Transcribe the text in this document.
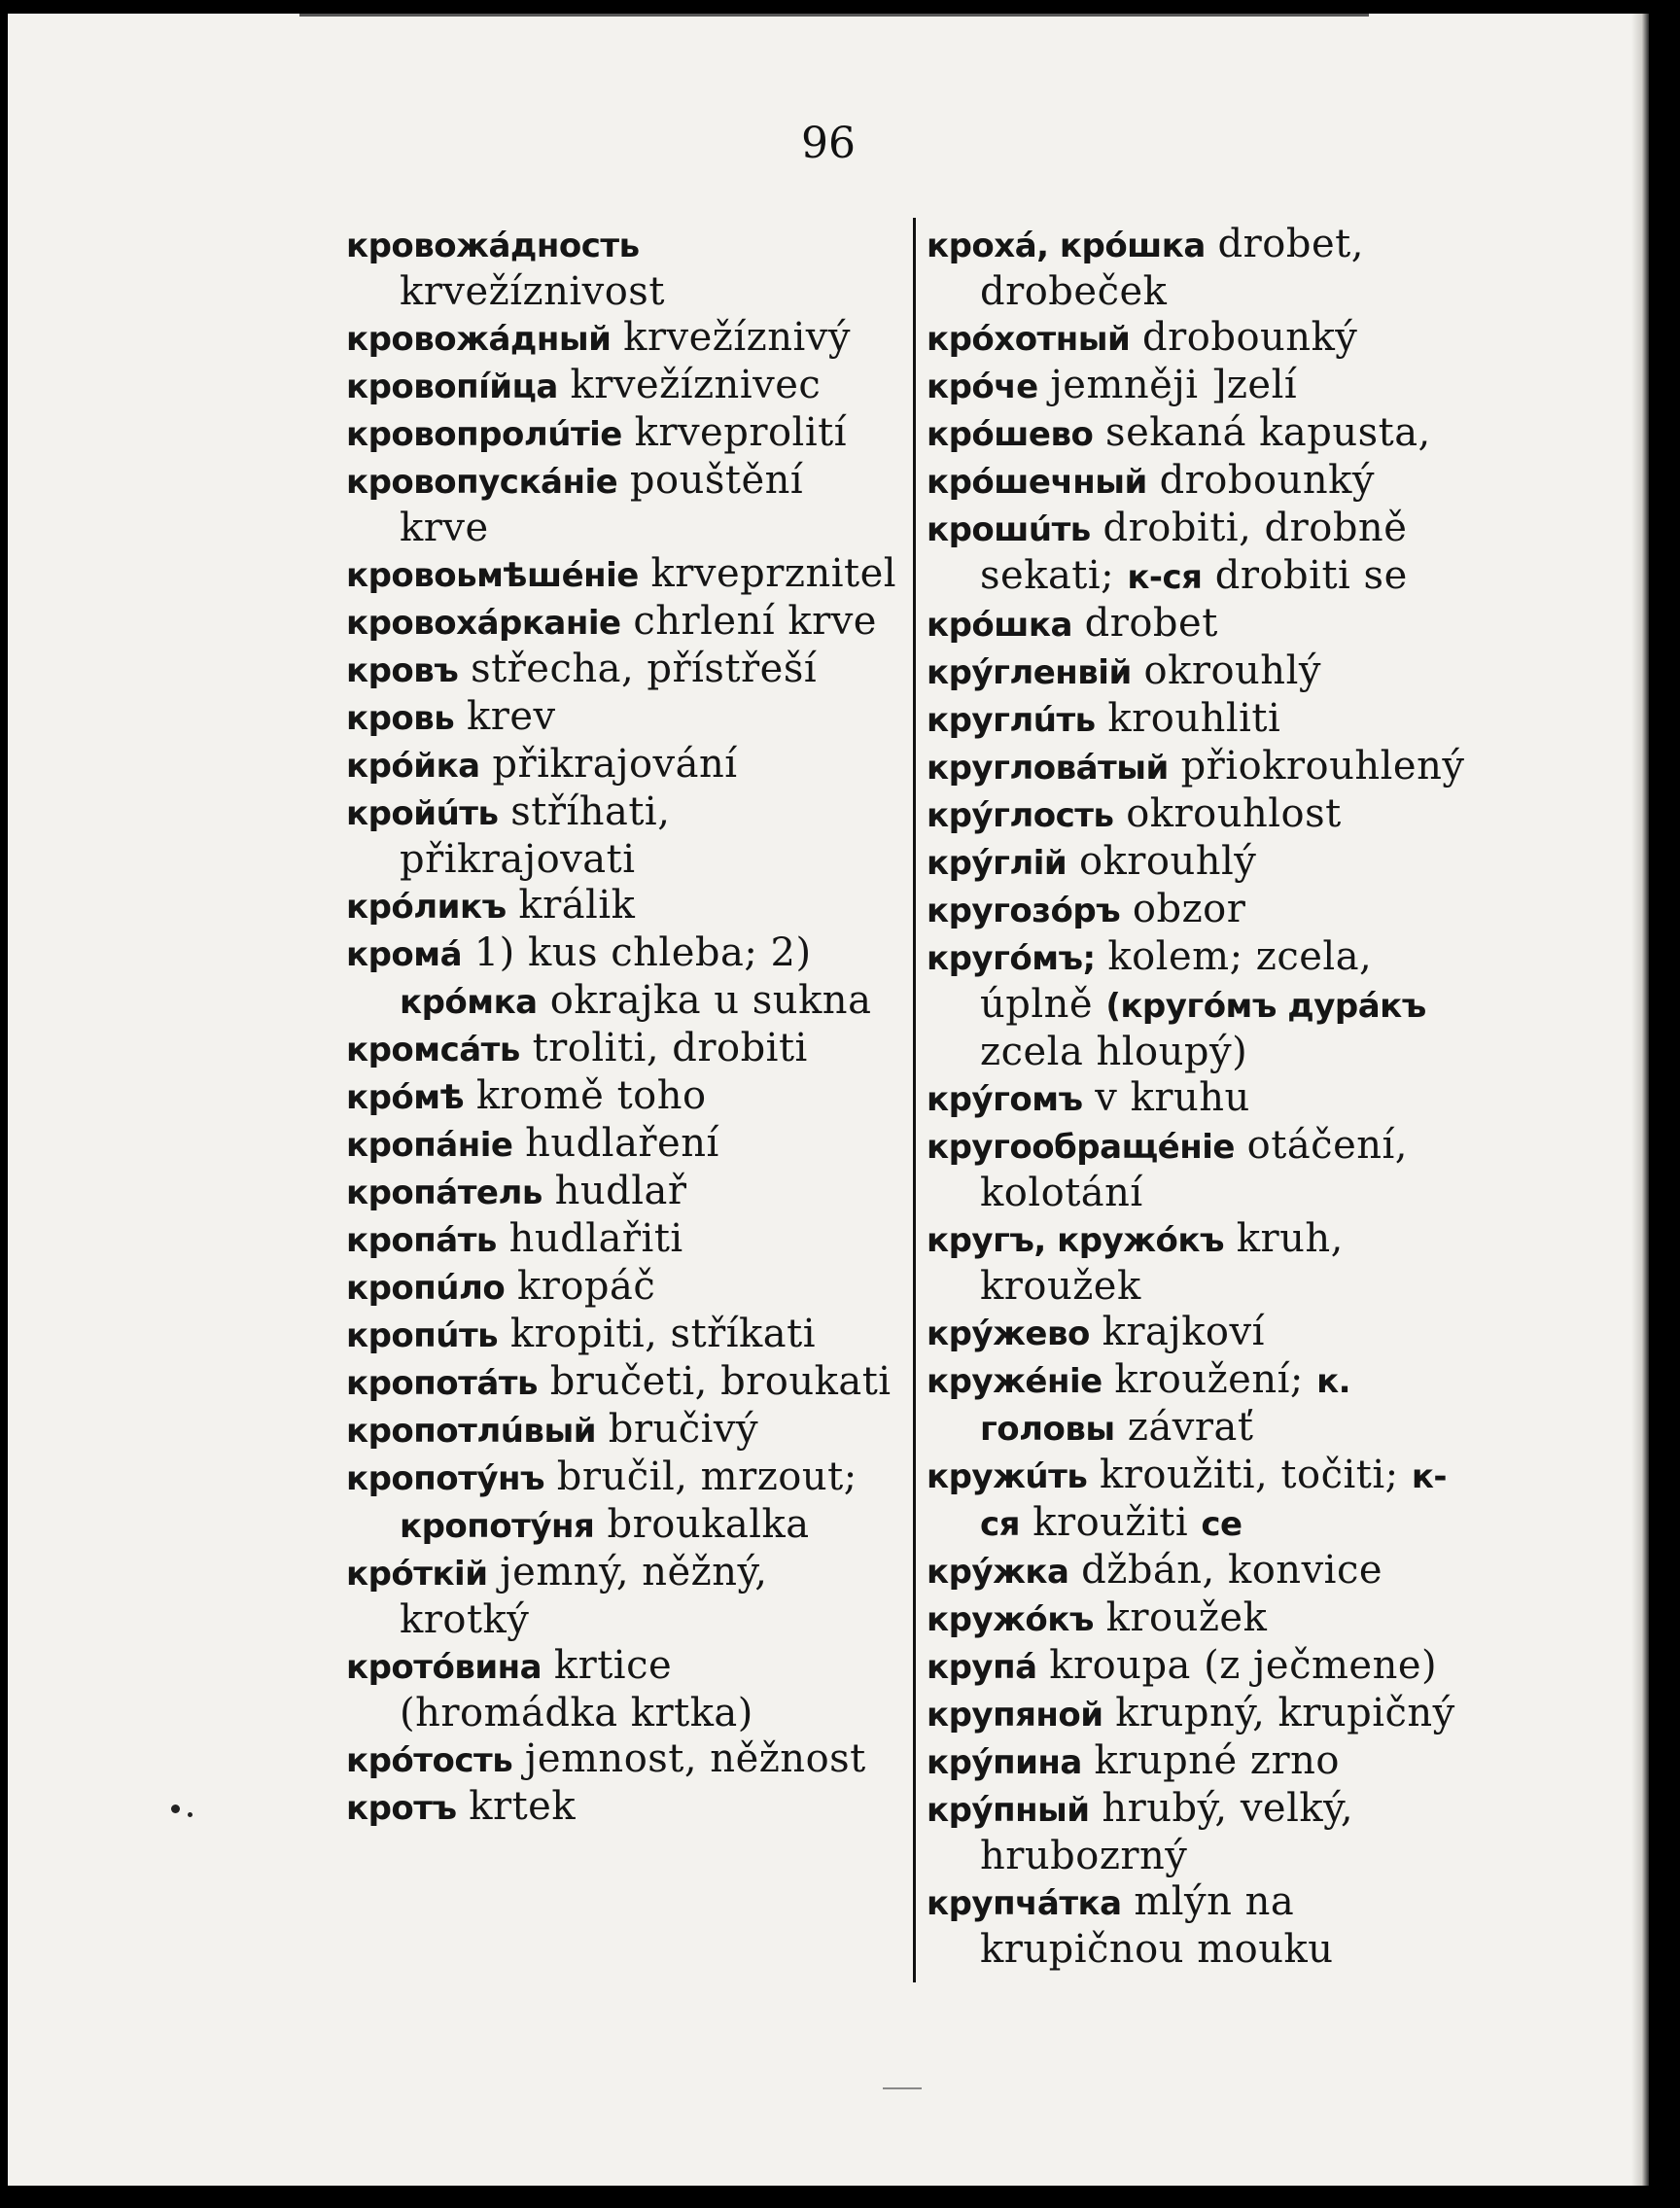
96
кровожáдность krvežíznivost
кровожáдный krvežíznivý
кровопíйца krvežíznivec
кровопролúтie krveprolití
кровопускáнie pouštění krve
кровоьмѣшéнie krveprznitel
кровохáрканie chrlení krve
кровъ střecha, přístřeší
кровь krev
крóйка přikrajování
кройúть stříhati, přikrajovati
крóликъ králik
кромá 1) kus chleba; 2) крóмка okrajka u sukna
кромсáть troliti, drobiti
крóмѣ kromě toho
кропáнie hudlaření
кропáтель hudlař
кропáть hudlařiti
кропúло kropáč
кропúть kropiti, stříkati
кропотáть bručeti, broukati
кропотлúвый bručivý
кропотýнъ bručil, mrzout; кропотýня broukalka
крóткiй jemný, něžný, krotký
кротóвина krtice (hromádka krtka)
крóтость jemnost, něžnost
кротъ krtek
крохá, крóшка drobet, drobeček
крóхотный drobounký
крóче jemněji ]zelí
крóшево sekaná kapusta,
крóшечный drobounký
крошúть drobiti, drobně sekati; к-ся drobiti se
крóшка drobet
крýгленвiй okrouhlý
круглúть krouhliti
кругловáтый přiokrouhlený
крýглость okrouhlost
крýглiй okrouhlý
кругозóръ obzor
кругóмъ; kolem; zcela, úplně (кругóмъ дурáкъ zcela hloupý)
крýгомъ v kruhu
кругообращéнie otáčení, kolotání
кругъ, кружóкъ kruh, kroužek
крýжево krajkoví
кружéнie kroužení; к. головы závrať
кружúть kroužiti, točiti; к-ся kroužiti се
крýжка džbán, konvice
кружóкъ kroužek
крупá kroupa (z ječmene)
крупяной krupný, krupičný
крýпина krupné zrno
крýпный hrubý, velký, hrubozrný
крупчáтка mlýn na krupičnou mouku
